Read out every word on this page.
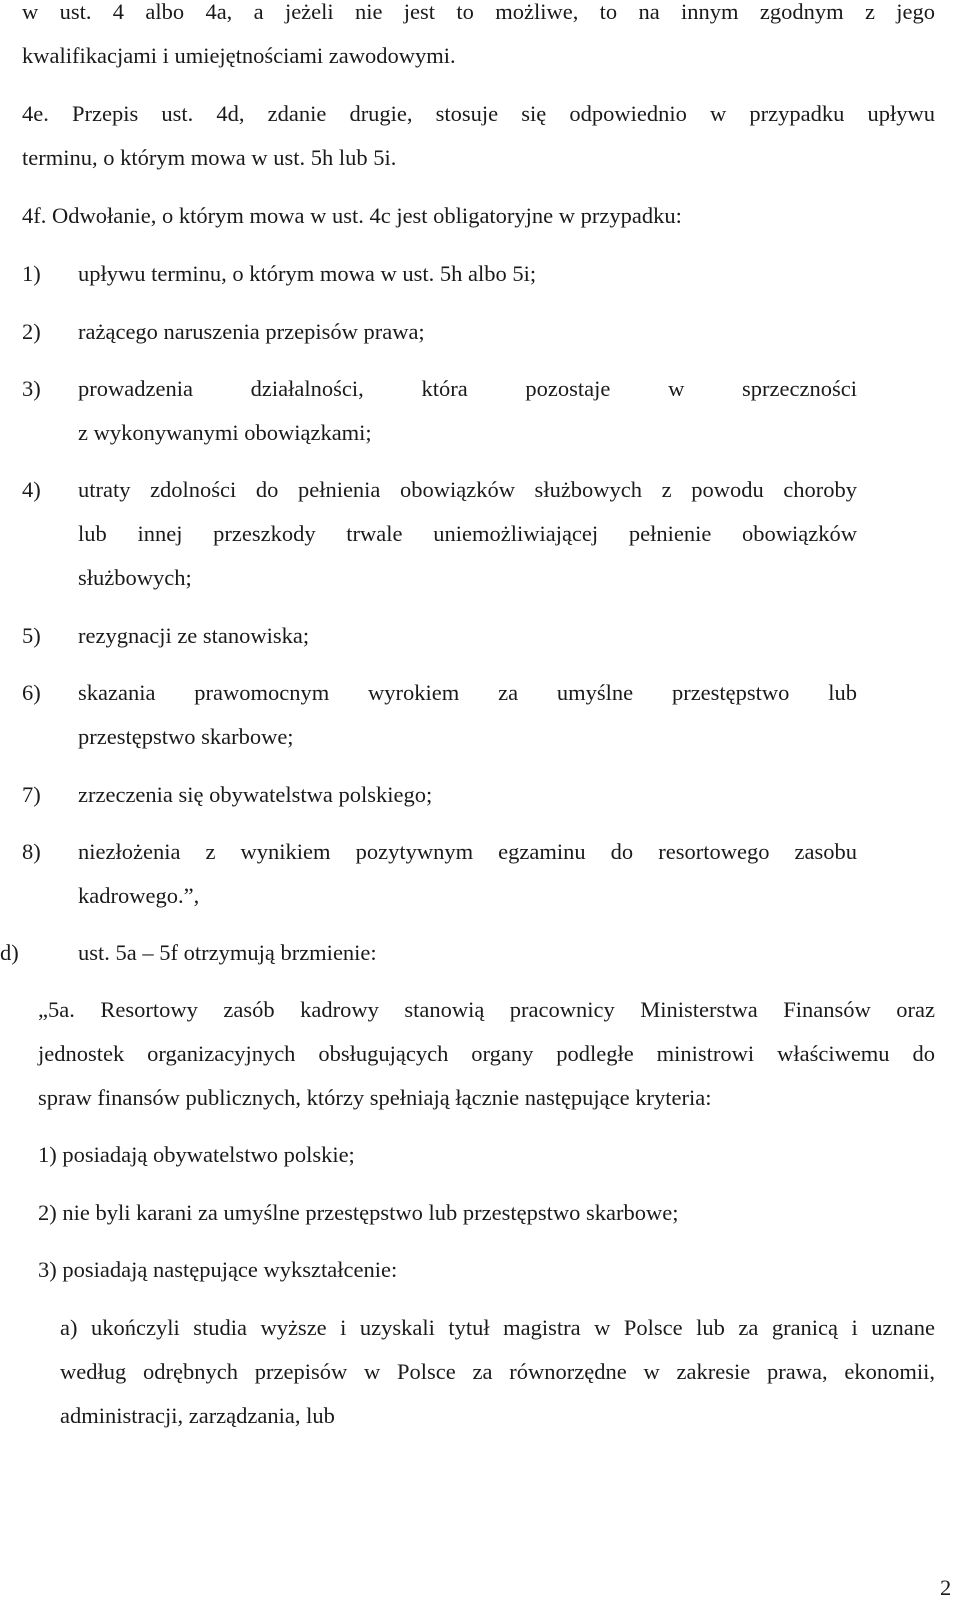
w ust. 4 albo 4a, a jeżeli nie jest to możliwe, to na innym zgodnym z jego
kwalifikacjami i umiejętnościami zawodowymi.
4e. Przepis ust. 4d, zdanie drugie, stosuje się odpowiednio w przypadku upływu
terminu, o którym mowa w ust. 5h lub 5i.
4f. Odwołanie, o którym mowa w ust. 4c jest obligatoryjne w przypadku:
1) upływu terminu, o którym mowa w ust. 5h albo 5i;
2) rażącego naruszenia przepisów prawa;
3) prowadzenia działalności, która pozostaje w sprzeczności
z wykonywanymi obowiązkami;
4) utraty zdolności do pełnienia obowiązków służbowych z powodu choroby
lub innej przeszkody trwale uniemożliwiającej pełnienie obowiązków
służbowych;
5) rezygnacji ze stanowiska;
6) skazania prawomocnym wyrokiem za umyślne przestępstwo lub
przestępstwo skarbowe;
7) zrzeczenia się obywatelstwa polskiego;
8) niezłożenia z wynikiem pozytywnym egzaminu do resortowego zasobu
kadrowego.”,
d)	ust. 5a – 5f otrzymują brzmienie:
„5a. Resortowy zasób kadrowy stanowią pracownicy Ministerstwa Finansów oraz
jednostek organizacyjnych obsługujących organy podległe ministrowi właściwemu do
spraw finansów publicznych, którzy spełniają łącznie następujące kryteria:
1) posiadają obywatelstwo polskie;
2) nie byli karani za umyślne przestępstwo lub przestępstwo skarbowe;
3) posiadają następujące wykształcenie:
a) ukończyli studia wyższe i uzyskali tytuł magistra w Polsce lub za granicą i uznane
według odrębnych przepisów w Polsce za równorzędne w zakresie prawa, ekonomii,
administracji, zarządzania, lub
2
